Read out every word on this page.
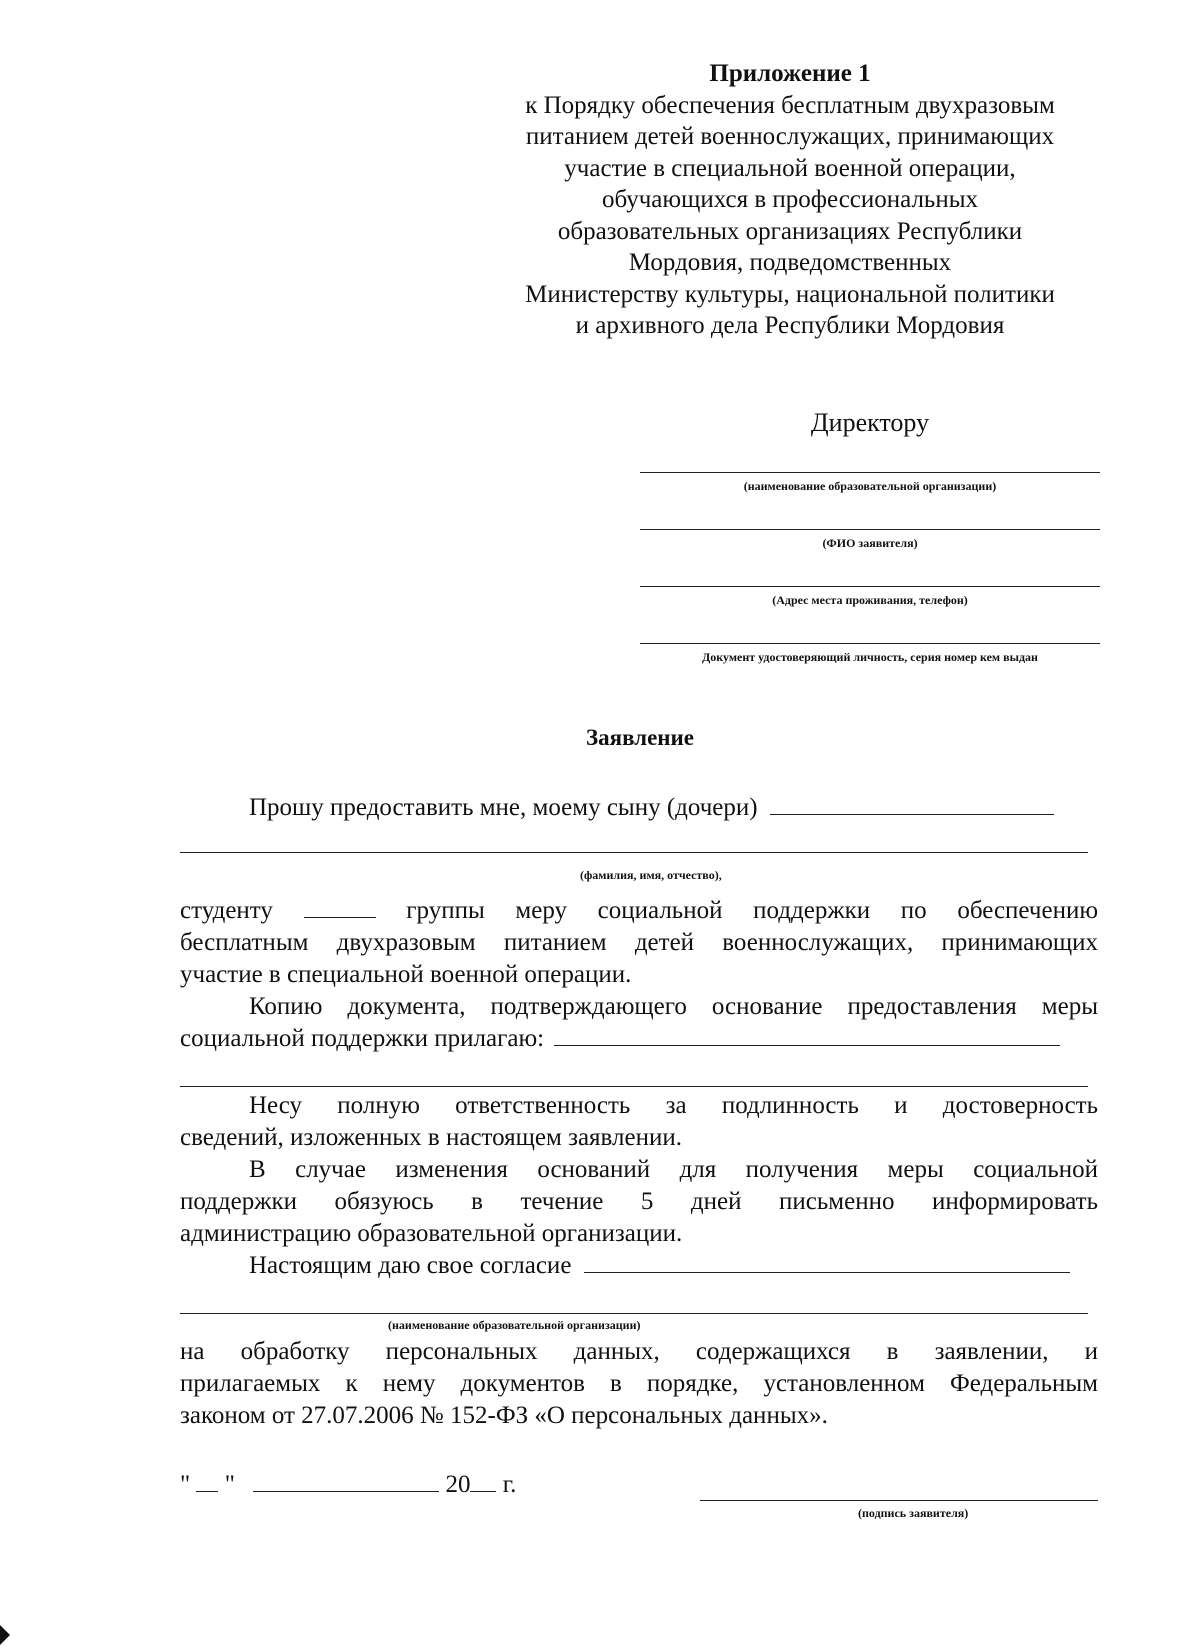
Приложение 1
к Порядку обеспечения бесплатным двухразовым
питанием детей военнослужащих, принимающих
участие в специальной военной операции,
обучающихся в профессиональных
образовательных организациях Республики
Мордовия, подведомственных
Министерству культуры, национальной политики
и архивного дела Республики Мордовия
Директору
(наименование образовательной организации)
(ФИО заявителя)
(Адрес места проживания, телефон)
Документ удостоверяющий личность, серия номер кем выдан
Заявление
Прошу предоставить мне, моему сыну (дочери)
(фамилия, имя, отчество),
студенту	группы меру социальной поддержки по обеспечению
бесплатным двухразовым питанием детей военнослужащих, принимающих
участие в специальной военной операции.
Копию документа, подтверждающего основание предоставления меры
социальной поддержки прилагаю:
Несу полную ответственность за подлинность и достоверность
сведений, изложенных в настоящем заявлении.
В случае изменения оснований для получения меры социальной
поддержки обязуюсь в течение 5 дней письменно информировать
администрацию образовательной организации.
Настоящим даю свое согласие
(наименование образовательной организации)
на обработку персональных данных, содержащихся в заявлении, и
прилагаемых к нему документов в порядке, установленном Федеральным
законом от 27.07.2006 № 152-ФЗ «О персональных данных».
" "	20 г.
(подпись заявителя)
